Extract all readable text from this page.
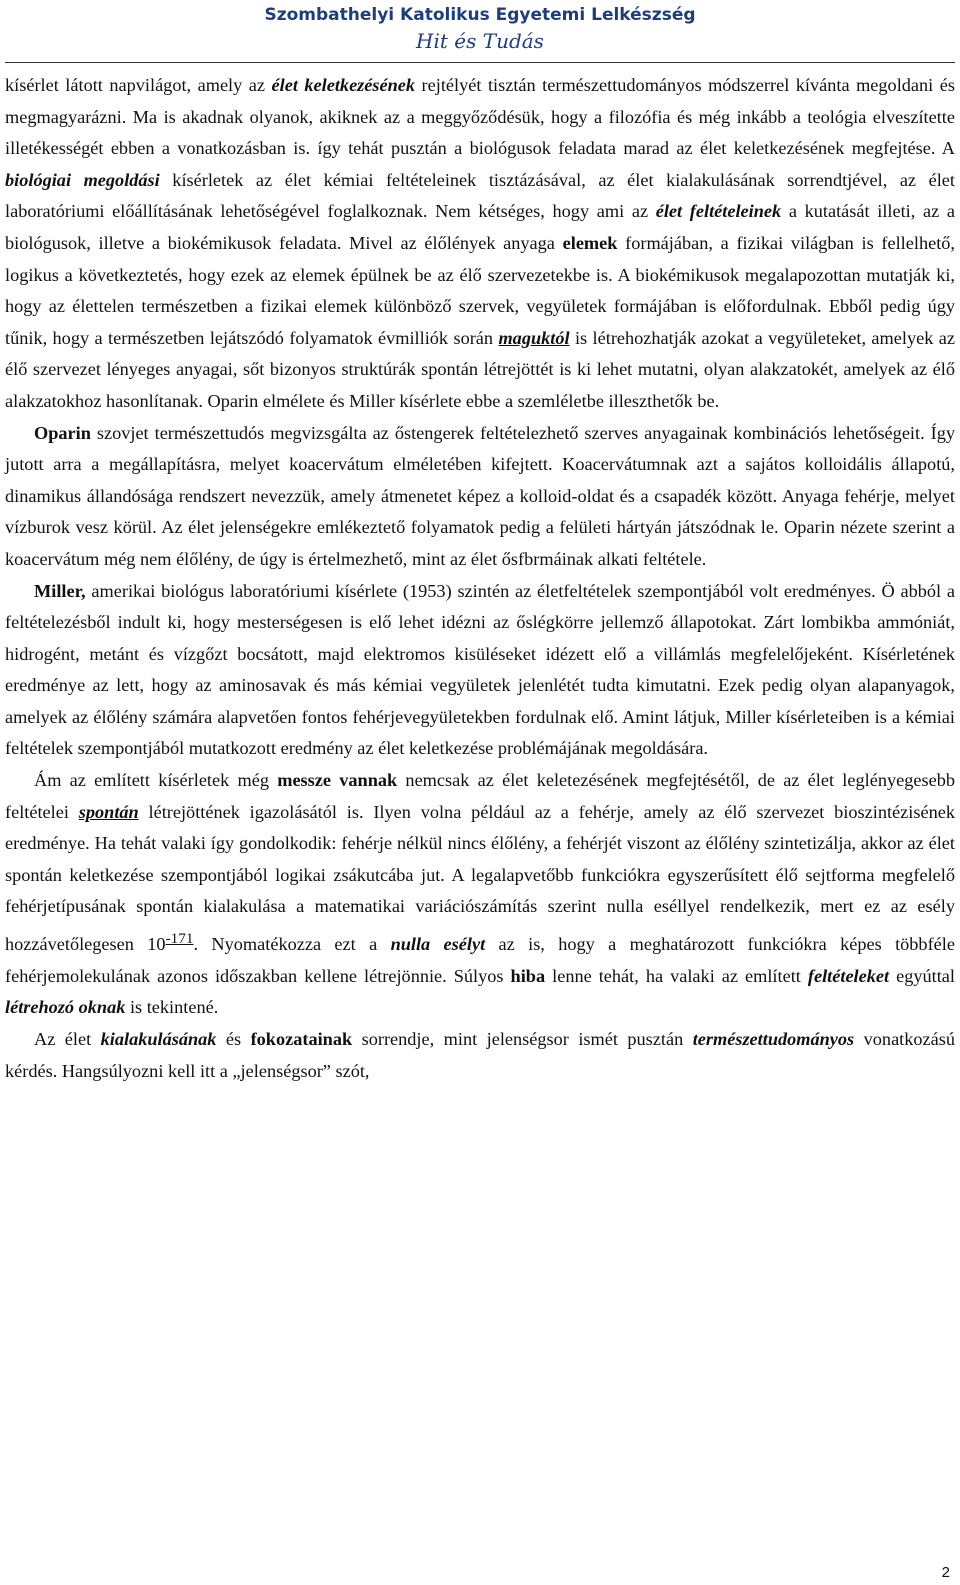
Szombathelyi Katolikus Egyetemi Lelkészség
Hit és Tudás

kísérlet látott napvilágot, amely az élet keletkezésének rejtélyét tisztán természettudományos módszerrel kívánta megoldani és megmagyarázni. Ma is akadnak olyanok, akiknek az a meggyőződésük, hogy a filozófia és még inkább a teológia elveszítette illetékességét ebben a vonatkozásban is. így tehát pusztán a biológusok feladata marad az élet keletkezésének megfejtése. A biológiai megoldási kísérletek az élet kémiai feltételeinek tisztázásával, az élet kialakulásának sorrendtjével, az élet laboratóriumi előállításának lehetőségével foglalkoznak. Nem kétséges, hogy ami az élet feltételeinek a kutatását illeti, az a biológusok, illetve a biokémikusok feladata. Mivel az élőlények anyaga elemek formájában, a fizikai világban is fellelhető, logikus a következtetés, hogy ezek az elemek épülnek be az élő szervezetekbe is. A biokémikusok megalapozottan mutatják ki, hogy az élettelen természetben a fizikai elemek különböző szervek, vegyületek formájában is előfordulnak. Ebből pedig úgy tűnik, hogy a természetben lejátszódó folyamatok évmilliók során maguktól is létrehozhatják azokat a vegyületeket, amelyek az élő szervezet lényeges anyagai, sőt bizonyos struktúrák spontán létrejöttét is ki lehet mutatni, olyan alakzatokét, amelyek az élő alakzatokhoz hasonlítanak. Oparin elmélete és Miller kísérlete ebbe a szemléletbe illeszthetők be.

Oparin szovjet természettudós megvizsgálta az őstengerek feltételezhető szerves anyagainak kombinációs lehetőségeit. Így jutott arra a megállapításra, melyet koacervátum elméletében kifejtett. Koacervátumnak azt a sajátos kolloidális állapotú, dinamikus állandósága rendszert nevezzük, amely átmenetet képez a kolloid-oldat és a csapadék között. Anyaga fehérje, melyet vízburok vesz körül. Az élet jelenségekre emlékeztető folyamatok pedig a felületi hártyán játszódnak le. Oparin nézete szerint a koacervátum még nem élőlény, de úgy is értelmezhető, mint az élet ősfbrmáinak alkati feltétele.

Miller, amerikai biológus laboratóriumi kísérlete (1953) szintén az életfeltételek szempontjából volt eredményes. Ö abból a feltételezésből indult ki, hogy mesterségesen is elő lehet idézni az őslégkörre jellemző állapotokat. Zárt lombikba ammóniát, hidrogént, metánt és vízgőzt bocsátott, majd elektromos kisüléseket idézett elő a villámlás megfelelőjeként. Kísérletének eredménye az lett, hogy az aminosavak és más kémiai vegyületek jelenlétét tudta kimutatni. Ezek pedig olyan alapanyagok, amelyek az élőlény számára alapvetően fontos fehérjevegyületekben fordulnak elő. Amint látjuk, Miller kísérleteiben is a kémiai feltételek szempontjából mutatkozott eredmény az élet keletkezése problémájának megoldására.

Ám az említett kísérletek még messze vannak nemcsak az élet keletezésének megfejtésétől, de az élet leglényegesebb feltételei spontán létrejöttének igazolásától is. Ilyen volna például az a fehérje, amely az élő szervezet bioszintézisének eredménye. Ha tehát valaki így gondolkodik: fehérje nélkül nincs élőlény, a fehérjét viszont az élőlény szintetizálja, akkor az élet spontán keletkezése szempontjából logikai zsákutcába jut. A legalapvetőbb funkciókra egyszerűsített élő sejtforma megfelelő fehérjetípusának spontán kialakulása a matematikai variációszámítás szerint nulla eséllyel rendelkezik, mert ez az esély hozzávetőlegesen $10^{-171}$. Nyomatékozza ezt a nulla esélyt az is, hogy a meghatározott funkciókra képes többféle fehérjemolekulának azonos időszakban kellene létrejönnie. Súlyos hiba lenne tehát, ha valaki az említett feltételeket egyúttal létrehozó oknak is tekintené.

Az élet kialakulásának és fokozatainak sorrendje, mint jelenségsor ismét pusztán természettudományos vonatkozású kérdés. Hangsúlyozni kell itt a „jelenségsor” szót,

2
